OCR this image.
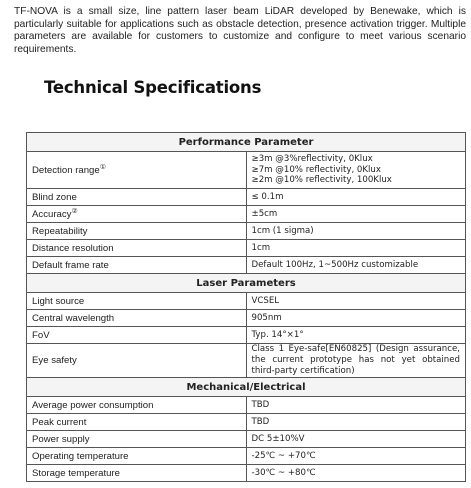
TF-NOVA is a small size, line pattern laser beam LiDAR developed by Benewake, which is particularly suitable for applications such as obstacle detection, presence activation trigger. Multiple parameters are available for customers to customize and configure to meet various scenario requirements.

Technical Specifications
Performance Parameter	
Detection range①	≥3m @3%reflectivity, 0Klux
≥7m @10% reflectivity, 0Klux
≥2m @10% reflectivity, 100Klux

Blind zone	≤ 0.1m
Accuracy②	±5cm
Repeatability	1cm (1 sigma)
Distance resolution	1cm
Default frame rate	Default 100Hz, 1~500Hz customizable
Laser Parameters	
Light source	VCSEL
Central wavelength	905nm
FoV	Typ. 14°×1°
Eye safety	Class 1 Eye-safe[EN60825] (Design assurance, the current prototype has not yet obtained third-party certification)
Mechanical/Electrical	
Average power consumption	TBD
Peak current	TBD
Power supply	DC 5±10%V
Operating temperature	-25℃ ~ +70℃
Storage temperature	-30℃ ~ +80℃
